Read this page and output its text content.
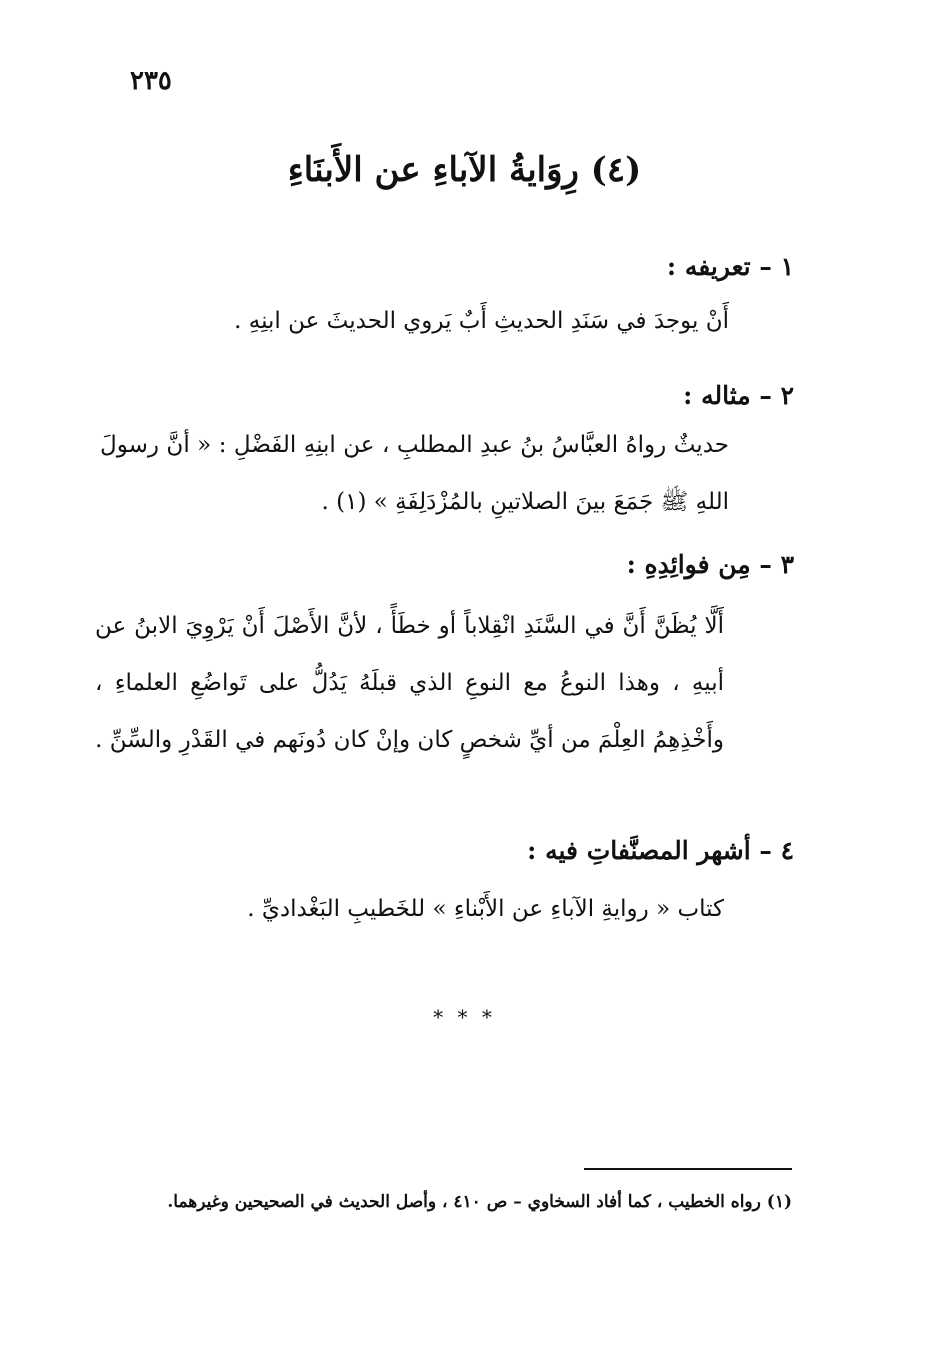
٢٣٥
(٤) رِوَايةُ الآباءِ عن الأَبنَاءِ
١ – تعريفه :
أَنْ يوجدَ في سَنَدِ الحديثِ أَبٌ يَروي الحديثَ عن ابنِهِ .
٢ – مثاله :
حديثٌ رواهُ العبَّاسُ بنُ عبدِ المطلبِ ، عن ابنِهِ الفَضْلِ : « أنَّ رسولَ اللهِ ﷺ جَمَعَ بينَ الصلاتينِ بالمُزْدَلِفَةِ » (١) .
٣ – مِن فوائِدِهِ :
أَلَّا يُظَنَّ أَنَّ في السَّنَدِ انْقِلاباً أو خطَأً ، لأنَّ الأَصْلَ أَنْ يَرْوِيَ الابنُ عن أبيهِ ، وهذا النوعُ مع النوعِ الذي قبلَهُ يَدُلُّ على تَواضُعِ العلماءِ ، وأَخْذِهِمُ العِلْمَ من أيِّ شخصٍ كان وإنْ كان دُونَهم في القَدْرِ والسِّنِّ .
٤ – أشهر المصنَّفاتِ فيه :
كتاب « روايةِ الآباءِ عن الأَبْناءِ » للخَطيبِ البَغْداديِّ .
* * *
(١) رواه الخطيب ، كما أفاد السخاوي – ص ٤١٠ ، وأصل الحديث في الصحيحين وغيرهما.
